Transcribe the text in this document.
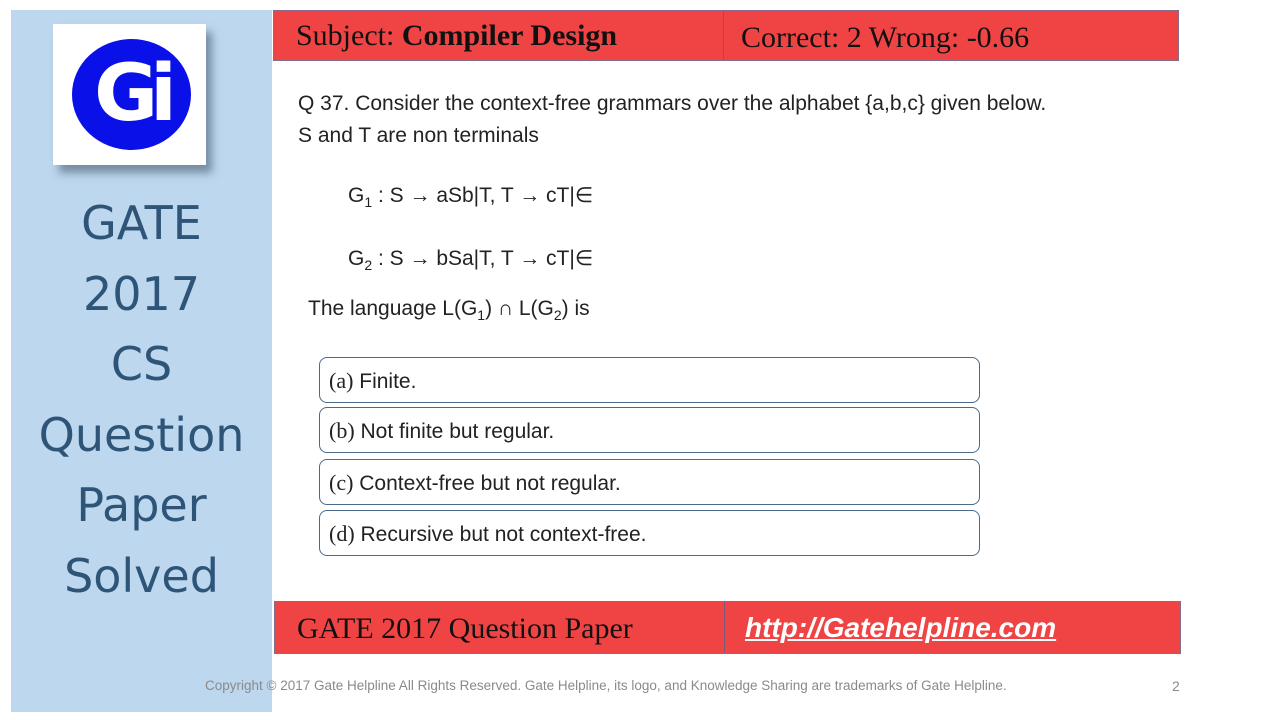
Gi
GATE
2017
CS
Question
Paper
Solved
Subject: Compiler Design	Correct: 2 Wrong: -0.66
Q 37. Consider the context-free grammars over the alphabet {a,b,c} given below.
S and T are non terminals
$G_1$ : S → aSb|T, T → cT|∈
$G_2$ : S → bSa|T, T → cT|∈
The language $L(G_1)$ ∩ $L(G_2)$ is
(a) Finite.
(b) Not finite but regular.
(c) Context-free but not regular.
(d) Recursive but not context-free.
GATE 2017 Question Paper	http://Gatehelpline.com
Copyright © 2017 Gate Helpline All Rights Reserved. Gate Helpline, its logo, and Knowledge Sharing are trademarks of Gate Helpline.	2
